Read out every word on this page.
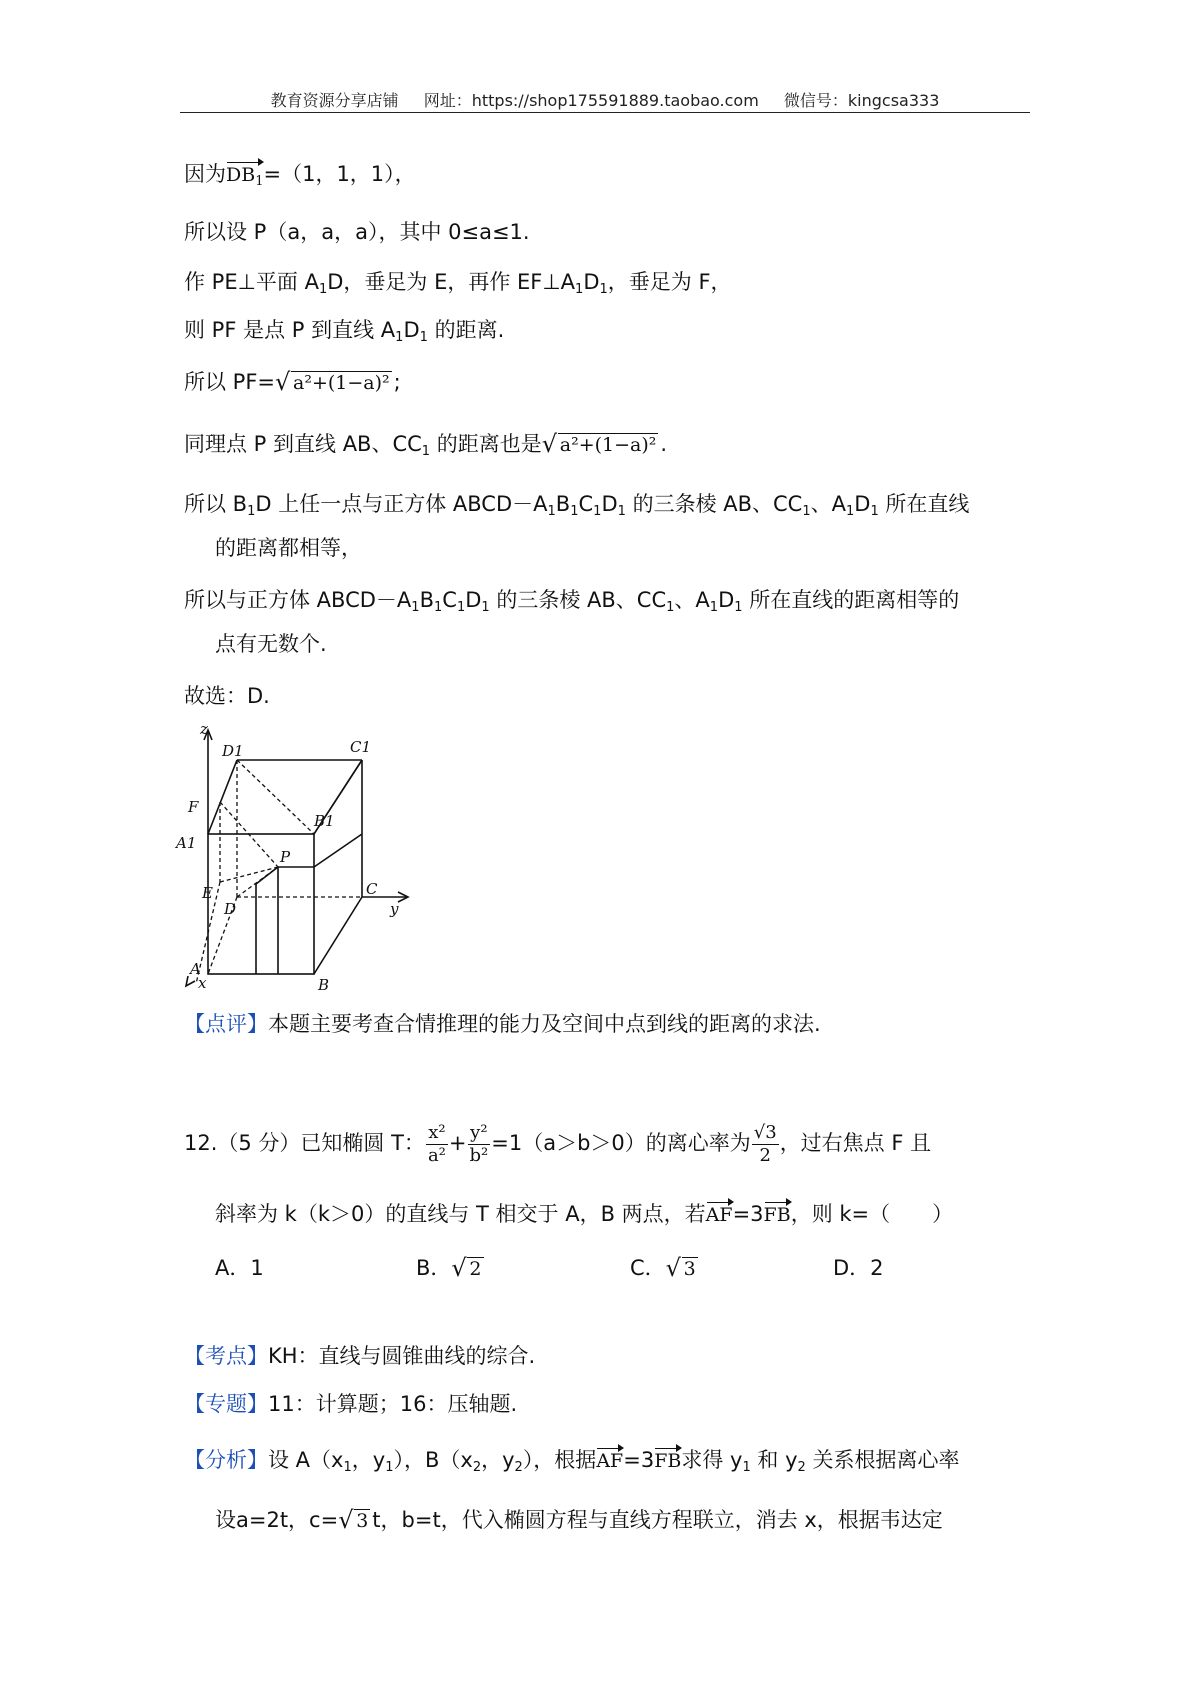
教育资源分享店铺 网址：https://shop175591889.taobao.com 微信号：kingcsa333
因为$DB_1=(1$，1，1），
所以设 P（a，a，a），其中 0≤a≤1.
作 PE⊥平面 $A_1D$，垂足为 E，再作 $EF\perp A_1D_1$，垂足为 F，
则 PF 是点 P 到直线 $A_1D_1$ 的距离.
所以 PF= √ a²+(1−a)² ;
同理点 P 到直线 AB、$CC_1$ 的距离也是 √ a²+(1−a)² .
所以 $B_1D$ 上任一点与正方体 $ABCD-A_1B_1C_1D_1$ 的三条棱 AB、$CC_1$、$A_1D_1$ 所在直线
的距离都相等，
所以与正方体 $ABCD-A_1B_1C_1D_1$ 的三条棱 AB、$CC_1$、$A_1D_1$ 所在直线的距离相等的
点有无数个.
故选：D.
z
D1	C1
F
A1
B1
P
E	C
D	y
A
B
x
【点评】本题主要考查合情推理的能力及空间中点到线的距离的求法.
12.（5 分）已知椭圆 T： $\frac{\text{x²}}{\text{a²}} + \frac{\text{y²}}{\text{b²}} =1(a>b>0)$的离心率为 $\frac{√3}{2}$ ，过右焦点 F 且
斜率为 k（k＞0）的直线与 T 相交于 A，B 两点，若AF=3FB，则 k=（　　）
A．1	B． √ 2	C． √ 3	D．2
【考点】KH：直线与圆锥曲线的综合.
【专题】11：计算题；16：压轴题.
【分析】设 $A(x_1$，$y_1$），$B(x_2$，$y_2$），根据AF=3FB求得 $y_1$ 和 $y_2$ 关系根据离心率
设a=2t，c= √ 3 t，b=t，代入椭圆方程与直线方程联立，消去 x，根据韦达定
